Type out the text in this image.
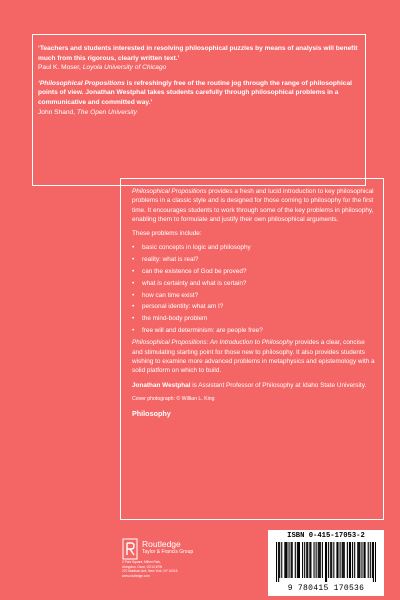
‘Teachers and students interested in resolving philosophical puzzles by means of analysis will benefit much from this rigorous, clearly written text.’

Paul K. Moser, Loyola University of Chicago

‘Philosophical Propositions is refreshingly free of the routine jog through the range of philosophical points of view. Jonathan Westphal takes students carefully through philosophical problems in a communicative and committed way.’

John Shand, The Open University

Philosophical Propositions provides a fresh and lucid introduction to key philosophical problems in a classic style and is designed for those coming to philosophy for the first time. It encourages students to work through some of the key problems in philosophy, enabling them to formulate and justify their own philosophical arguments.

These problems include:

• basic concepts in logic and philosophy
• reality: what is real?
• can the existence of God be proved?
• what is certainty and what is certain?
• how can time exist?
• personal identity: what am I?
• the mind-body problem
• free will and determinism: are people free?

Philosophical Propositions: An Introduction to Philosophy provides a clear, concise and stimulating starting point for those new to philosophy. It also provides students wishing to examine more advanced problems in metaphysics and epistemology with a solid platform on which to build.

Jonathan Westphal is Assistant Professor of Philosophy at Idaho State University.

Cover photograph: © Willian L. King

Philosophy
Routledge
Taylor & Francis Group
2 Park Square, Milton Park,
Abingdon, Oxon, OX14 4RN
270 Madison Ave, New York, NY 10016
www.routledge.com
ISBN 0-415-17053-2
9 780415 170536
